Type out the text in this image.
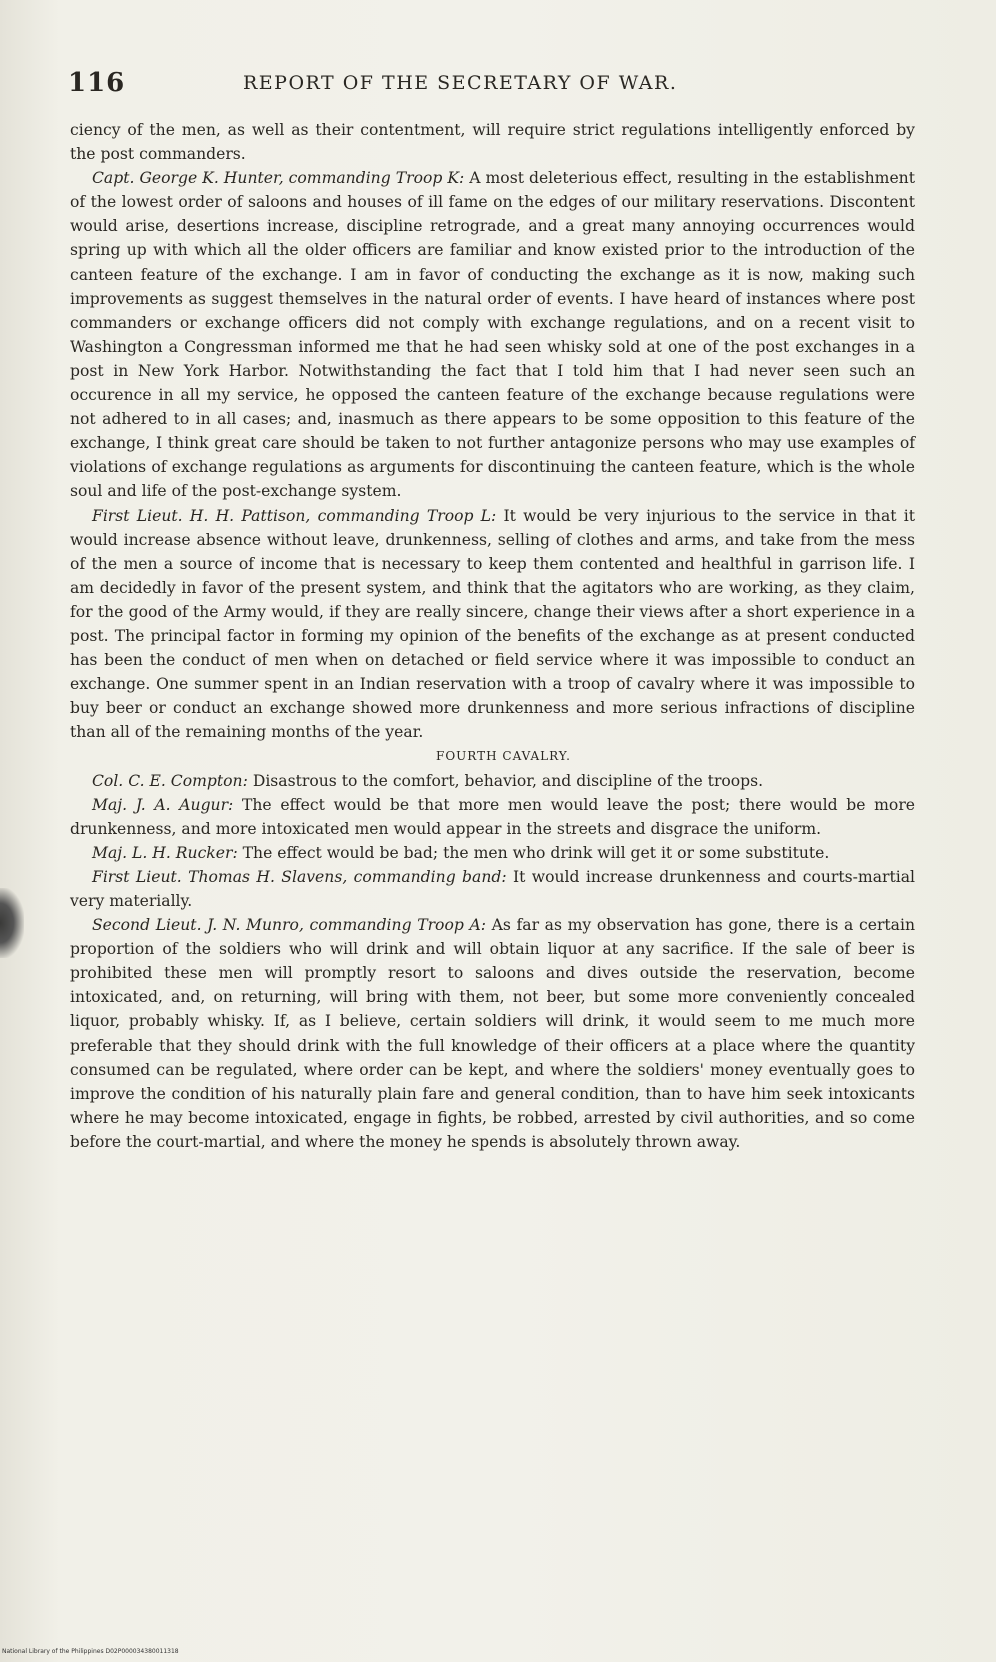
116	REPORT OF THE SECRETARY OF WAR.

ciency of the men, as well as their contentment, will require strict regulations intelligently enforced by the post commanders.

Capt. George K. Hunter, commanding Troop K: A most deleterious effect, resulting in the establishment of the lowest order of saloons and houses of ill fame on the edges of our military reservations. Discontent would arise, desertions increase, discipline retrograde, and a great many annoying occurrences would spring up with which all the older officers are familiar and know existed prior to the introduction of the canteen feature of the exchange. I am in favor of conducting the exchange as it is now, making such improvements as suggest themselves in the natural order of events. I have heard of instances where post commanders or exchange officers did not comply with exchange regulations, and on a recent visit to Washington a Congressman informed me that he had seen whisky sold at one of the post exchanges in a post in New York Harbor. Notwithstanding the fact that I told him that I had never seen such an occurence in all my service, he opposed the canteen feature of the exchange because regulations were not adhered to in all cases; and, inasmuch as there appears to be some opposition to this feature of the exchange, I think great care should be taken to not further antagonize persons who may use examples of violations of exchange regulations as arguments for discontinuing the canteen feature, which is the whole soul and life of the post-exchange system.

First Lieut. H. H. Pattison, commanding Troop L: It would be very injurious to the service in that it would increase absence without leave, drunkenness, selling of clothes and arms, and take from the mess of the men a source of income that is necessary to keep them contented and healthful in garrison life. I am decidedly in favor of the present system, and think that the agitators who are working, as they claim, for the good of the Army would, if they are really sincere, change their views after a short experience in a post. The principal factor in forming my opinion of the benefits of the exchange as at present conducted has been the conduct of men when on detached or field service where it was impossible to conduct an exchange. One summer spent in an Indian reservation with a troop of cavalry where it was impossible to buy beer or conduct an exchange showed more drunkenness and more serious infractions of discipline than all of the remaining months of the year.

FOURTH CAVALRY.

Col. C. E. Compton: Disastrous to the comfort, behavior, and discipline of the troops.

Maj. J. A. Augur: The effect would be that more men would leave the post; there would be more drunkenness, and more intoxicated men would appear in the streets and disgrace the uniform.

Maj. L. H. Rucker: The effect would be bad; the men who drink will get it or some substitute.

First Lieut. Thomas H. Slavens, commanding band: It would increase drunkenness and courts-martial very materially.

Second Lieut. J. N. Munro, commanding Troop A: As far as my observation has gone, there is a certain proportion of the soldiers who will drink and will obtain liquor at any sacrifice. If the sale of beer is prohibited these men will promptly resort to saloons and dives outside the reservation, become intoxicated, and, on returning, will bring with them, not beer, but some more conveniently concealed liquor, probably whisky. If, as I believe, certain soldiers will drink, it would seem to me much more preferable that they should drink with the full knowledge of their officers at a place where the quantity consumed can be regulated, where order can be kept, and where the soldiers' money eventually goes to improve the condition of his naturally plain fare and general condition, than to have him seek intoxicants where he may become intoxicated, engage in fights, be robbed, arrested by civil authorities, and so come before the court-martial, and where the money he spends is absolutely thrown away.

National Library of the Philippines D02P000034380011318
